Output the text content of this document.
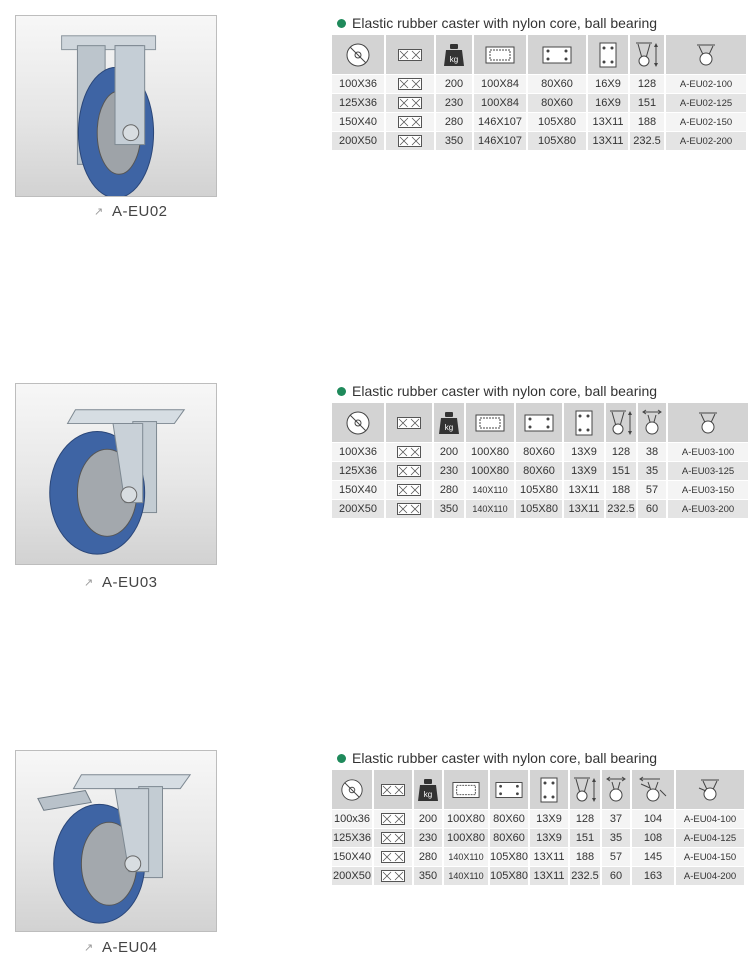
↗ A-EU02
Elastic rubber caster with nylon core, ball bearing

kg

100X36		200	100X84	80X60	16X9	128	A-EU02-100
125X36		230	100X84	80X60	16X9	151	A-EU02-125
150X40		280	146X107	105X80	13X11	188	A-EU02-150
200X50		350	146X107	105X80	13X11	232.5	A-EU02-200
↗ A-EU03
Elastic rubber caster with nylon core, ball bearing

kg

100X36		200	100X80	80X60	13X9	128	38	A-EU03-100
125X36		230	100X80	80X60	13X9	151	35	A-EU03-125
150X40		280	140X110	105X80	13X11	188	57	A-EU03-150
200X50		350	140X110	105X80	13X11	232.5	60	A-EU03-200
↗ A-EU04
Elastic rubber caster with nylon core, ball bearing

kg

100x36		200	100X80	80X60	13X9	128	37	104	A-EU04-100
125X36		230	100X80	80X60	13X9	151	35	108	A-EU04-125
150X40		280	140X110	105X80	13X11	188	57	145	A-EU04-150
200X50		350	140X110	105X80	13X11	232.5	60	163	A-EU04-200
